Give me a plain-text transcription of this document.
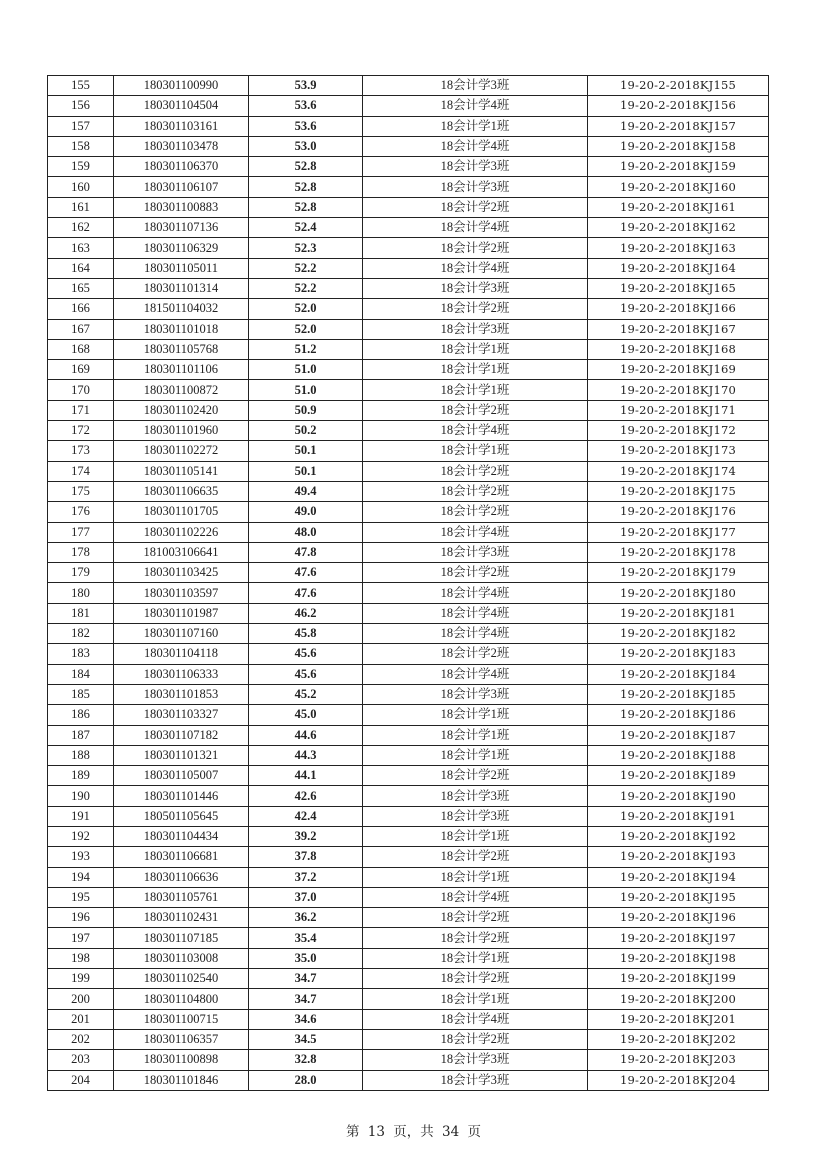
155	180301100990	53.9	18会计学3班	19-20-2-2018KJ155
156	180301104504	53.6	18会计学4班	19-20-2-2018KJ156
157	180301103161	53.6	18会计学1班	19-20-2-2018KJ157
158	180301103478	53.0	18会计学4班	19-20-2-2018KJ158
159	180301106370	52.8	18会计学3班	19-20-2-2018KJ159
160	180301106107	52.8	18会计学3班	19-20-2-2018KJ160
161	180301100883	52.8	18会计学2班	19-20-2-2018KJ161
162	180301107136	52.4	18会计学4班	19-20-2-2018KJ162
163	180301106329	52.3	18会计学2班	19-20-2-2018KJ163
164	180301105011	52.2	18会计学4班	19-20-2-2018KJ164
165	180301101314	52.2	18会计学3班	19-20-2-2018KJ165
166	181501104032	52.0	18会计学2班	19-20-2-2018KJ166
167	180301101018	52.0	18会计学3班	19-20-2-2018KJ167
168	180301105768	51.2	18会计学1班	19-20-2-2018KJ168
169	180301101106	51.0	18会计学1班	19-20-2-2018KJ169
170	180301100872	51.0	18会计学1班	19-20-2-2018KJ170
171	180301102420	50.9	18会计学2班	19-20-2-2018KJ171
172	180301101960	50.2	18会计学4班	19-20-2-2018KJ172
173	180301102272	50.1	18会计学1班	19-20-2-2018KJ173
174	180301105141	50.1	18会计学2班	19-20-2-2018KJ174
175	180301106635	49.4	18会计学2班	19-20-2-2018KJ175
176	180301101705	49.0	18会计学2班	19-20-2-2018KJ176
177	180301102226	48.0	18会计学4班	19-20-2-2018KJ177
178	181003106641	47.8	18会计学3班	19-20-2-2018KJ178
179	180301103425	47.6	18会计学2班	19-20-2-2018KJ179
180	180301103597	47.6	18会计学4班	19-20-2-2018KJ180
181	180301101987	46.2	18会计学4班	19-20-2-2018KJ181
182	180301107160	45.8	18会计学4班	19-20-2-2018KJ182
183	180301104118	45.6	18会计学2班	19-20-2-2018KJ183
184	180301106333	45.6	18会计学4班	19-20-2-2018KJ184
185	180301101853	45.2	18会计学3班	19-20-2-2018KJ185
186	180301103327	45.0	18会计学1班	19-20-2-2018KJ186
187	180301107182	44.6	18会计学1班	19-20-2-2018KJ187
188	180301101321	44.3	18会计学1班	19-20-2-2018KJ188
189	180301105007	44.1	18会计学2班	19-20-2-2018KJ189
190	180301101446	42.6	18会计学3班	19-20-2-2018KJ190
191	180501105645	42.4	18会计学3班	19-20-2-2018KJ191
192	180301104434	39.2	18会计学1班	19-20-2-2018KJ192
193	180301106681	37.8	18会计学2班	19-20-2-2018KJ193
194	180301106636	37.2	18会计学1班	19-20-2-2018KJ194
195	180301105761	37.0	18会计学4班	19-20-2-2018KJ195
196	180301102431	36.2	18会计学2班	19-20-2-2018KJ196
197	180301107185	35.4	18会计学2班	19-20-2-2018KJ197
198	180301103008	35.0	18会计学1班	19-20-2-2018KJ198
199	180301102540	34.7	18会计学2班	19-20-2-2018KJ199
200	180301104800	34.7	18会计学1班	19-20-2-2018KJ200
201	180301100715	34.6	18会计学4班	19-20-2-2018KJ201
202	180301106357	34.5	18会计学2班	19-20-2-2018KJ202
203	180301100898	32.8	18会计学3班	19-20-2-2018KJ203
204	180301101846	28.0	18会计学3班	19-20-2-2018KJ204
第 13 页，共 34 页
